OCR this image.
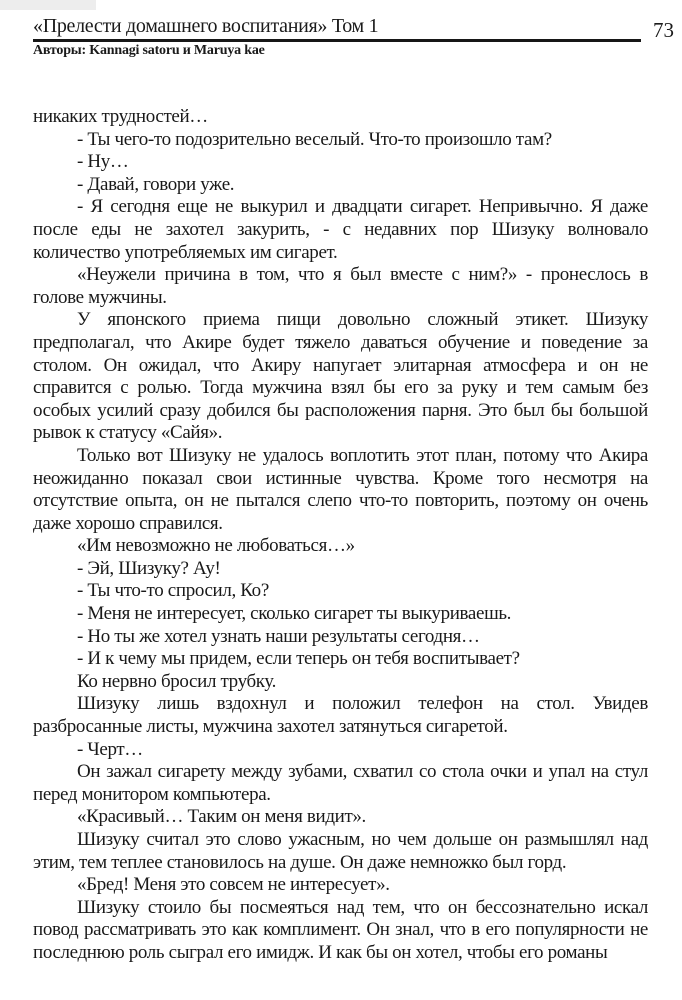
«Прелести домашнего воспитания» Том 1	73
Авторы: Kannagi satoru и Maruya kae

никаких трудностей…

- Ты чего-то подозрительно веселый. Что-то произошло там?

- Ну…

- Давай, говори уже.

- Я сегодня еще не выкурил и двадцати сигарет. Непривычно. Я даже после еды не захотел закурить, - с недавних пор Шизуку волновало количество употребляемых им сигарет.

«Неужели причина в том, что я был вместе с ним?» - пронеслось в голове мужчины.

У японского приема пищи довольно сложный этикет. Шизуку предполагал, что Акире будет тяжело даваться обучение и поведение за столом. Он ожидал, что Акиру напугает элитарная атмосфера и он не справится с ролью. Тогда мужчина взял бы его за руку и тем самым без особых усилий сразу добился бы расположения парня. Это был бы большой рывок к статусу «Сайя».

Только вот Шизуку не удалось воплотить этот план, потому что Акира неожиданно показал свои истинные чувства. Кроме того несмотря на отсутствие опыта, он не пытался слепо что-то повторить, поэтому он очень даже хорошо справился.

«Им невозможно не любоваться…»

- Эй, Шизуку? Ау!

- Ты что-то спросил, Ко?

- Меня не интересует, сколько сигарет ты выкуриваешь.

- Но ты же хотел узнать наши результаты сегодня…

- И к чему мы придем, если теперь он тебя воспитывает?

Ко нервно бросил трубку.

Шизуку лишь вздохнул и положил телефон на стол. Увидев разбросанные листы, мужчина захотел затянуться сигаретой.

- Черт…

Он зажал сигарету между зубами, схватил со стола очки и упал на стул перед монитором компьютера.

«Красивый… Таким он меня видит».

Шизуку считал это слово ужасным, но чем дольше он размышлял над этим, тем теплее становилось на душе. Он даже немножко был горд.

«Бред! Меня это совсем не интересует».

Шизуку стоило бы посмеяться над тем, что он бессознательно искал повод рассматривать это как комплимент. Он знал, что в его популярности не последнюю роль сыграл его имидж. И как бы он хотел, чтобы его романы
